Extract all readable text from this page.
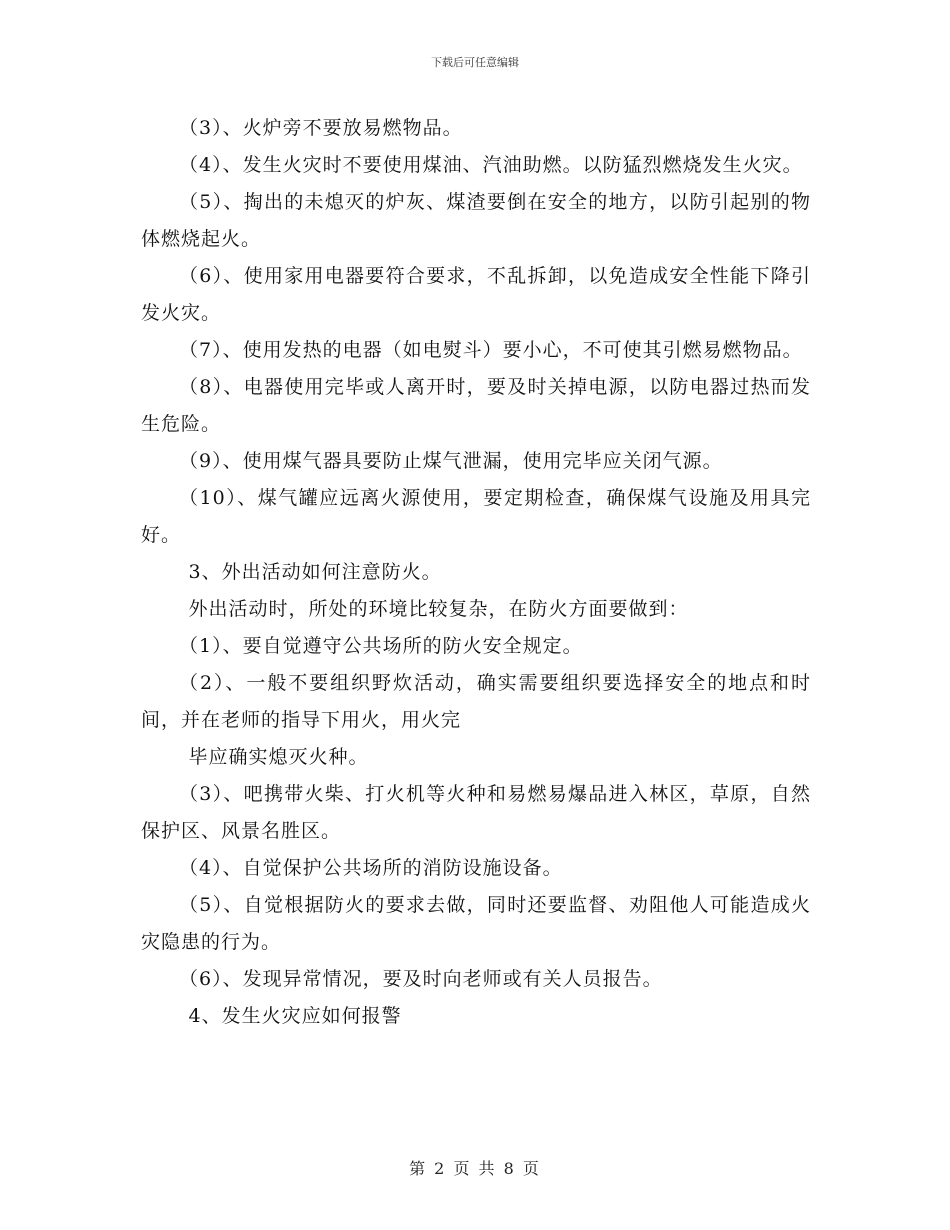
下载后可任意编辑

（3）、火炉旁不要放易燃物品。

（4）、发生火灾时不要使用煤油、汽油助燃。以防猛烈燃烧发生火灾。

（5）、掏出的未熄灭的炉灰、煤渣要倒在安全的地方，以防引起别的物体燃烧起火。

（6）、使用家用电器要符合要求，不乱拆卸，以免造成安全性能下降引发火灾。

（7）、使用发热的电器（如电熨斗）要小心，不可使其引燃易燃物品。

（8）、电器使用完毕或人离开时，要及时关掉电源，以防电器过热而发生危险。

（9）、使用煤气器具要防止煤气泄漏，使用完毕应关闭气源。

（10）、煤气罐应远离火源使用，要定期检查，确保煤气设施及用具完好。

3、外出活动如何注意防火。

外出活动时，所处的环境比较复杂，在防火方面要做到：

（1）、要自觉遵守公共场所的防火安全规定。

（2）、一般不要组织野炊活动，确实需要组织要选择安全的地点和时间，并在老师的指导下用火，用火完

毕应确实熄灭火种。

（3）、吧携带火柴、打火机等火种和易燃易爆品进入林区，草原，自然保护区、风景名胜区。

（4）、自觉保护公共场所的消防设施设备。

（5）、自觉根据防火的要求去做，同时还要监督、劝阻他人可能造成火灾隐患的行为。

（6）、发现异常情况，要及时向老师或有关人员报告。

4、发生火灾应如何报警

第 2 页 共 8 页
